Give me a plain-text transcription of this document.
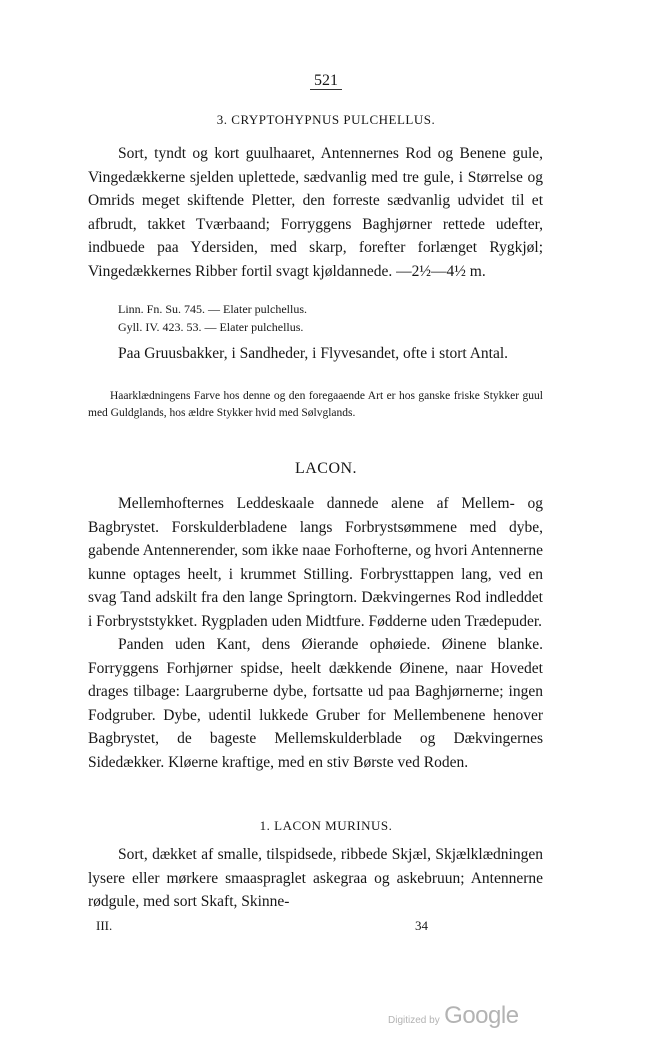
521
3. CRYPTOHYPNUS PULCHELLUS.

Sort, tyndt og kort guulhaaret, Antennernes Rod og Benene gule, Vingedækkerne sjelden uplettede, sædvanlig med tre gule, i Størrelse og Omrids meget skiftende Pletter, den forreste sædvanlig udvidet til et afbrudt, takket Tværbaand; Forryggens Baghjørner rettede udefter, indbuede paa Ydersiden, med skarp, forefter forlænget Rygkjøl; Vingedækkernes Ribber fortil svagt kjøldannede. —2½—4½ m.

Linn. Fn. Su. 745. — Elater pulchellus.
Gyll. IV. 423. 53. — Elater pulchellus.

Paa Gruusbakker, i Sandheder, i Flyvesandet, ofte i stort Antal.

Haarklædningens Farve hos denne og den foregaaende Art er hos ganske friske Stykker guul med Guldglands, hos ældre Stykker hvid med Sølvglands.

LACON.

Mellemhofternes Leddeskaale dannede alene af Mellem- og Bagbrystet. Forskulderbladene langs Forbrystsømmene med dybe, gabende Antennerender, som ikke naae Forhofterne, og hvori Antennerne kunne optages heelt, i krummet Stilling. Forbrysttappen lang, ved en svag Tand adskilt fra den lange Springtorn. Dækvingernes Rod indleddet i Forbryststykket. Rygpladen uden Midtfure. Fødderne uden Trædepuder.

Panden uden Kant, dens Øierande ophøiede. Øinene blanke. Forryggens Forhjørner spidse, heelt dækkende Øinene, naar Hovedet drages tilbage: Laargruberne dybe, fortsatte ud paa Baghjørnerne; ingen Fodgruber. Dybe, udentil lukkede Gruber for Mellembenene henover Bagbrystet, de bageste Mellemskulderblade og Dækvingernes Sidedækker. Kløerne kraftige, med en stiv Børste ved Roden.

1. LACON MURINUS.

Sort, dækket af smalle, tilspidsede, ribbede Skjæl, Skjælklædningen lysere eller mørkere smaaspraglet askegraa og askebruun; Antennerne rødgule, med sort Skaft, Skinne-

III.	34
Digitized by Google
